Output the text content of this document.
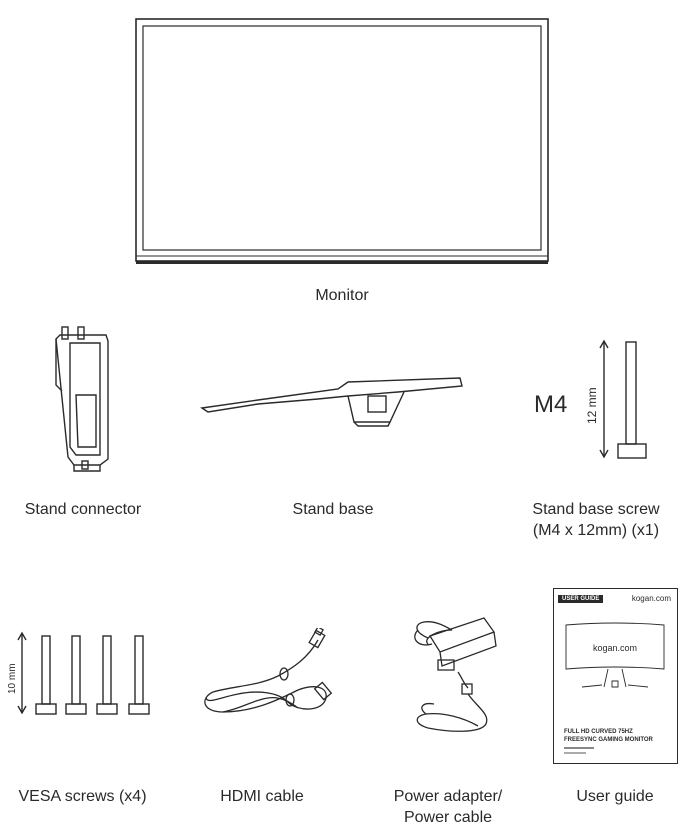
Monitor
Stand connector	Stand base
M4 12 mm
Stand base screw
(M4 x 12mm) (x1)
10 mm
VESA screws (x4)	HDMI cable	Power adapter/
Power cable
USER GUIDE	kogan.com
kogan.com
FULL HD CURVED 75HZ
FREESYNC GAMING MONITOR
User guide
